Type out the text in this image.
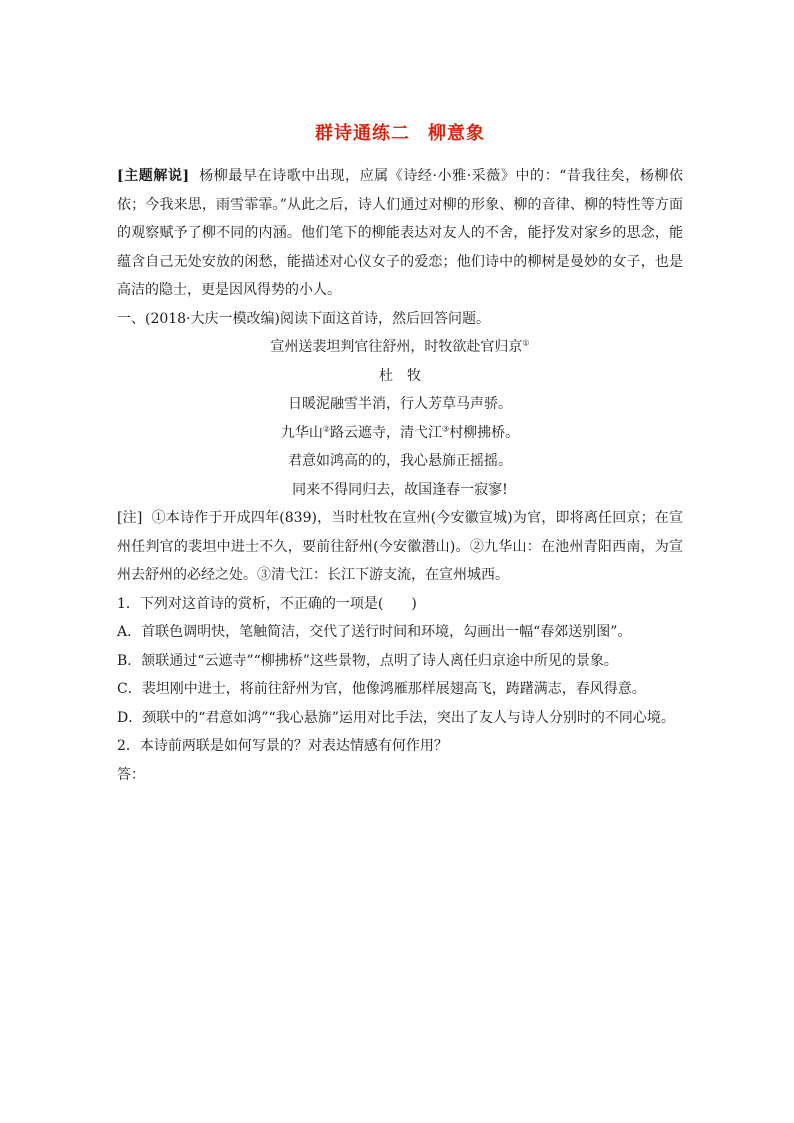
群诗通练二 柳意象

[主题解说] 杨柳最早在诗歌中出现，应属《诗经·小雅·采薇》中的：“昔我往矣，杨柳依依；今我来思，雨雪霏霏。”从此之后，诗人们通过对柳的形象、柳的音律、柳的特性等方面的观察赋予了柳不同的内涵。他们笔下的柳能表达对友人的不舍，能抒发对家乡的思念，能蕴含自己无处安放的闲愁，能描述对心仪女子的爱恋；他们诗中的柳树是曼妙的女子，也是高洁的隐士，更是因风得势的小人。

一、(2018·大庆一模改编)阅读下面这首诗，然后回答问题。

宣州送裴坦判官往舒州，时牧欲赴官归京①
杜 牧
日暖泥融雪半消，行人芳草马声骄。
九华山②路云遮寺，清弋江③村柳拂桥。
君意如鸿高的的，我心悬旆正摇摇。
同来不得同归去，故国逢春一寂寥!

[注] ①本诗作于开成四年(839)，当时杜牧在宣州(今安徽宣城)为官，即将离任回京；在宣州任判官的裴坦中进士不久，要前往舒州(今安徽潜山)。②九华山：在池州青阳西南，为宣州去舒州的必经之处。③清弋江：长江下游支流，在宣州城西。

1．下列对这首诗的赏析，不正确的一项是(　　)

A．首联色调明快，笔触简洁，交代了送行时间和环境，勾画出一幅“春郊送别图”。

B．颔联通过“云遮寺”“柳拂桥”这些景物，点明了诗人离任归京途中所见的景象。

C．裴坦刚中进士，将前往舒州为官，他像鸿雁那样展翅高飞，踌躇满志，春风得意。

D．颈联中的“君意如鸿”“我心悬旆”运用对比手法，突出了友人与诗人分别时的不同心境。

2．本诗前两联是如何写景的？对表达情感有何作用？

答：
